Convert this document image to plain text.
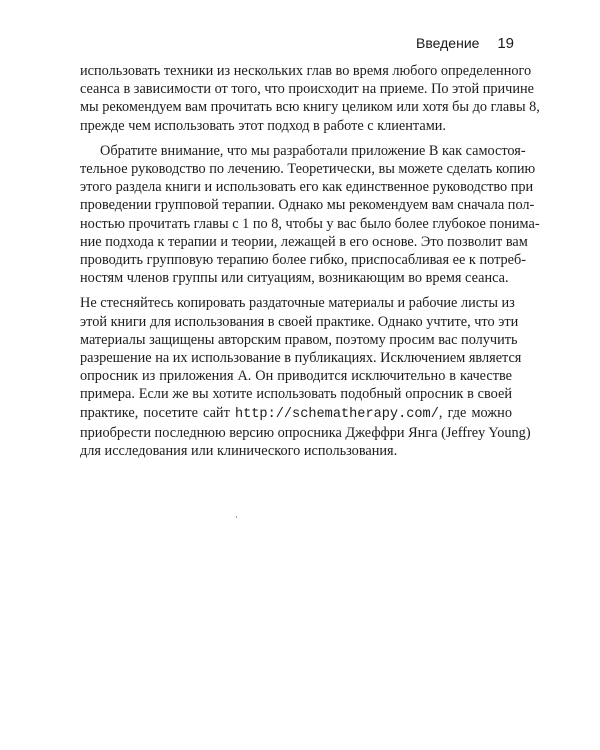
Введение 19

использовать техники из нескольких глав во время любого определенного
сеанса в зависимости от того, что происходит на приеме. По этой причине
мы рекомендуем вам прочитать всю книгу целиком или хотя бы до главы 8,
прежде чем использовать этот подход в работе с клиентами.

Обратите внимание, что мы разработали приложение В как самостоя-
тельное руководство по лечению. Теоретически, вы можете сделать копию
этого раздела книги и использовать его как единственное руководство при
проведении групповой терапии. Однако мы рекомендуем вам сначала пол-
ностью прочитать главы с 1 по 8, чтобы у вас было более глубокое понима-
ние подхода к терапии и теории, лежащей в его основе. Это позволит вам
проводить групповую терапию более гибко, приспосабливая ее к потреб-
ностям членов группы или ситуациям, возникающим во время сеанса.

Не стесняйтесь копировать раздаточные материалы и рабочие листы из
этой книги для использования в своей практике. Однако учтите, что эти
материалы защищены авторским правом, поэтому просим вас получить
разрешение на их использование в публикациях. Исключением является
опросник из приложения А. Он приводится исключительно в качестве
примера. Если же вы хотите использовать подобный опросник в своей
практике, посетите сайт http://schematherapy.com/, где можно
приобрести последнюю версию опросника Джеффри Янга (Jeffrey Young)
для исследования или клинического использования.
